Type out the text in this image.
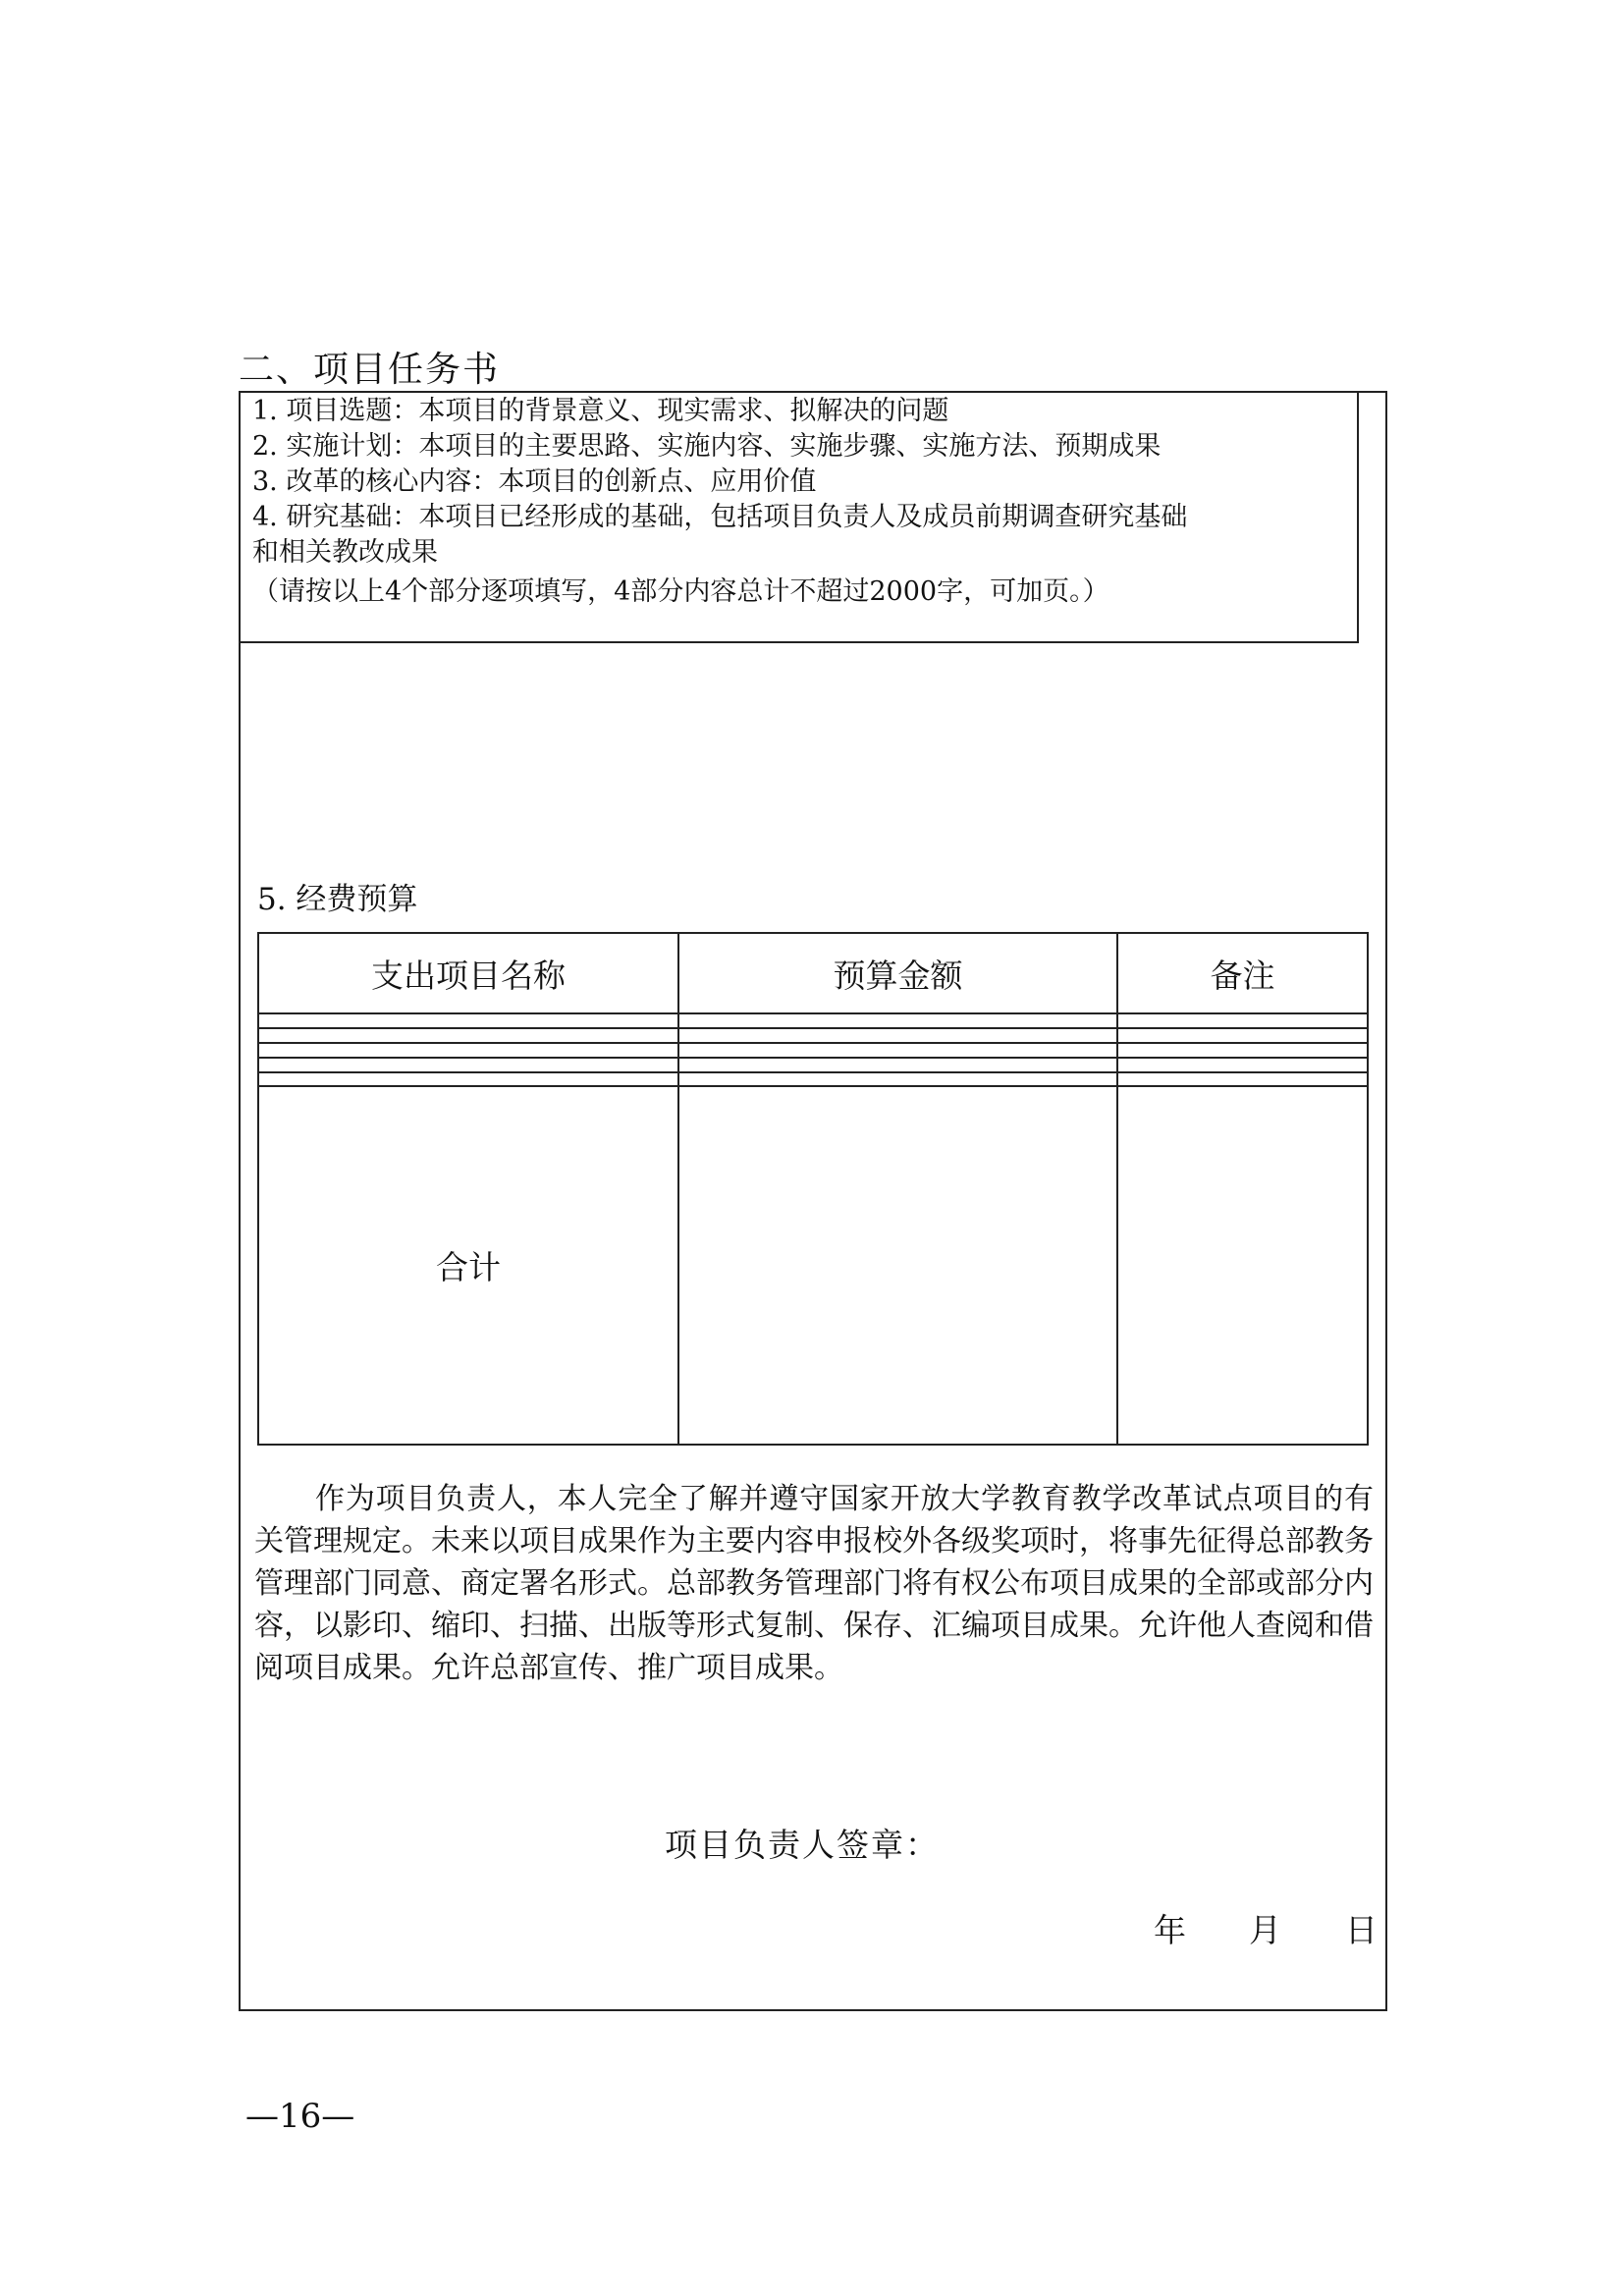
二、项目任务书
1. 项目选题：本项目的背景意义、现实需求、拟解决的问题
2. 实施计划：本项目的主要思路、实施内容、实施步骤、实施方法、预期成果
3. 改革的核心内容：本项目的创新点、应用价值
4. 研究基础：本项目已经形成的基础，包括项目负责人及成员前期调查研究基础
和相关教改成果
（请按以上4个部分逐项填写，4部分内容总计不超过2000字，可加页。）
5. 经费预算
支出项目名称	预算金额	备注

合计		

作为项目负责人，本人完全了解并遵守国家开放大学教育教学改革试点项目的有关管理规定。未来以项目成果作为主要内容申报校外各级奖项时，将事先征得总部教务管理部门同意、商定署名形式。总部教务管理部门将有权公布项目成果的全部或部分内容，以影印、缩印、扫描、出版等形式复制、保存、汇编项目成果。允许他人查阅和借阅项目成果。允许总部宣传、推广项目成果。

项目负责人签章：
年 月 日
—16—
